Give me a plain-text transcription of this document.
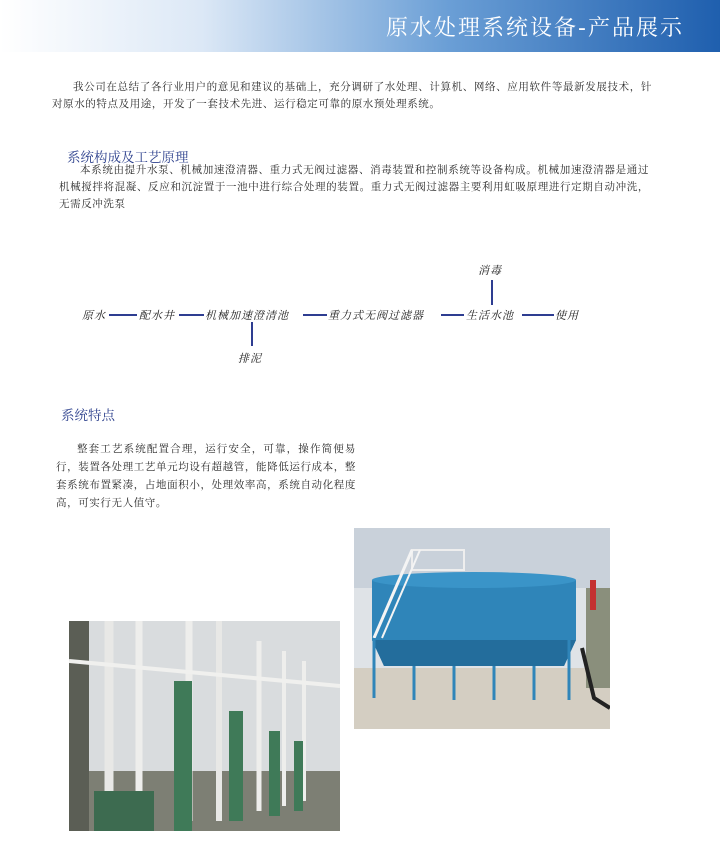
原水处理系统设备-产品展示

我公司在总结了各行业用户的意见和建议的基础上，充分调研了水处理、计算机、网络、应用软件等最新发展技术，针对原水的特点及用途，开发了一套技术先进、运行稳定可靠的原水预处理系统。

系统构成及工艺原理

本系统由提升水泵、机械加速澄清器、重力式无阀过滤器、消毒装置和控制系统等设备构成。机械加速澄清器是通过机械搅拌将混凝、反应和沉淀置于一池中进行综合处理的装置。重力式无阀过滤器主要利用虹吸原理进行定期自动冲洗，无需反冲洗泵

原水	配水井	机械加速澄清池
排泥
重力式无阀过滤器	生活水池
消毒
使用
系统特点

整套工艺系统配置合理，运行安全，可靠，操作简便易行，装置各处理工艺单元均设有超越管，能降低运行成本，整套系统布置紧凑，占地面积小，处理效率高，系统自动化程度高，可实行无人值守。
